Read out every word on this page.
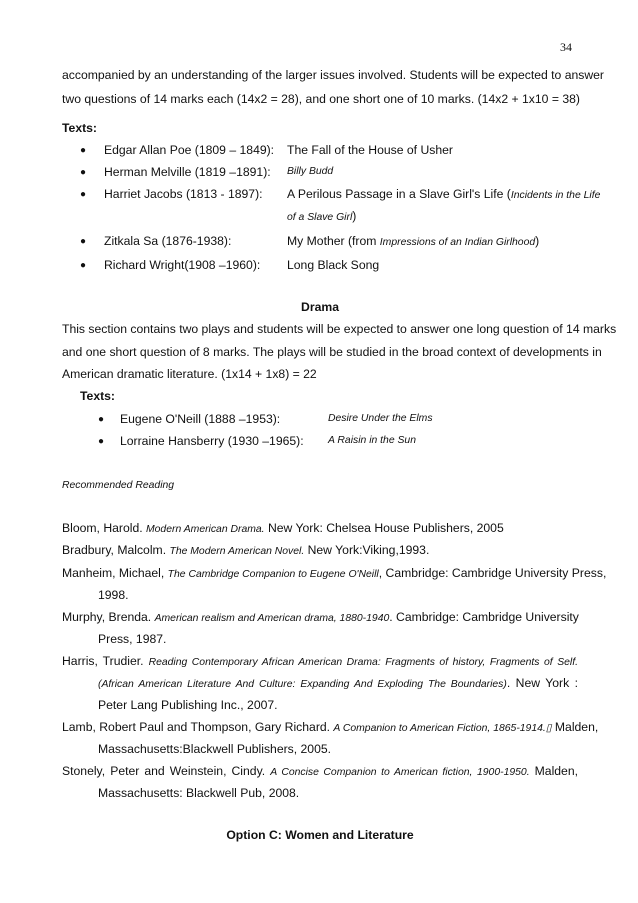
34
accompanied by an understanding of the larger issues involved. Students will be expected to answer
two questions of 14 marks each (14x2 = 28), and one short one of 10 marks. (14x2 + 1x10 = 38)
Texts:
● Edgar Allan Poe (1809 – 1849): The Fall of the House of Usher
● Herman Melville (1819 –1891): Billy Budd
● Harriet Jacobs (1813 - 1897): A Perilous Passage in a Slave Girl's Life (Incidents in the Life
of a Slave Girl)
● Zitkala Sa (1876-1938):	My Mother (from Impressions of an Indian Girlhood)
● Richard Wright(1908 –1960): Long Black Song
Drama
This section contains two plays and students will be expected to answer one long question of 14 marks
and one short question of 8 marks. The plays will be studied in the broad context of developments in
American dramatic literature. (1x14 + 1x8) = 22
Texts:
● Eugene O'Neill (1888 –1953):	Desire Under the Elms
● Lorraine Hansberry (1930 –1965): A Raisin in the Sun
Recommended Reading
Bloom, Harold. Modern American Drama. New York: Chelsea House Publishers, 2005
Bradbury, Malcolm. The Modern American Novel. New York:Viking,1993.
Manheim, Michael, The Cambridge Companion to Eugene O'Neill, Cambridge: Cambridge University Press,
1998.
Murphy, Brenda. American realism and American drama, 1880-1940. Cambridge: Cambridge University
Press, 1987.
Harris, Trudier. Reading Contemporary African American Drama: Fragments of history, Fragments of Self.
(African American Literature And Culture: Expanding And Exploding The Boundaries). New York :
Peter Lang Publishing Inc., 2007.
Lamb, Robert Paul and Thompson, Gary Richard. A Companion to American Fiction, 1865-1914.▯ Malden,
Massachusetts:Blackwell Publishers, 2005.
Stonely, Peter and Weinstein, Cindy. A Concise Companion to American fiction, 1900-1950. Malden,
Massachusetts: Blackwell Pub, 2008.
Option C: Women and Literature
